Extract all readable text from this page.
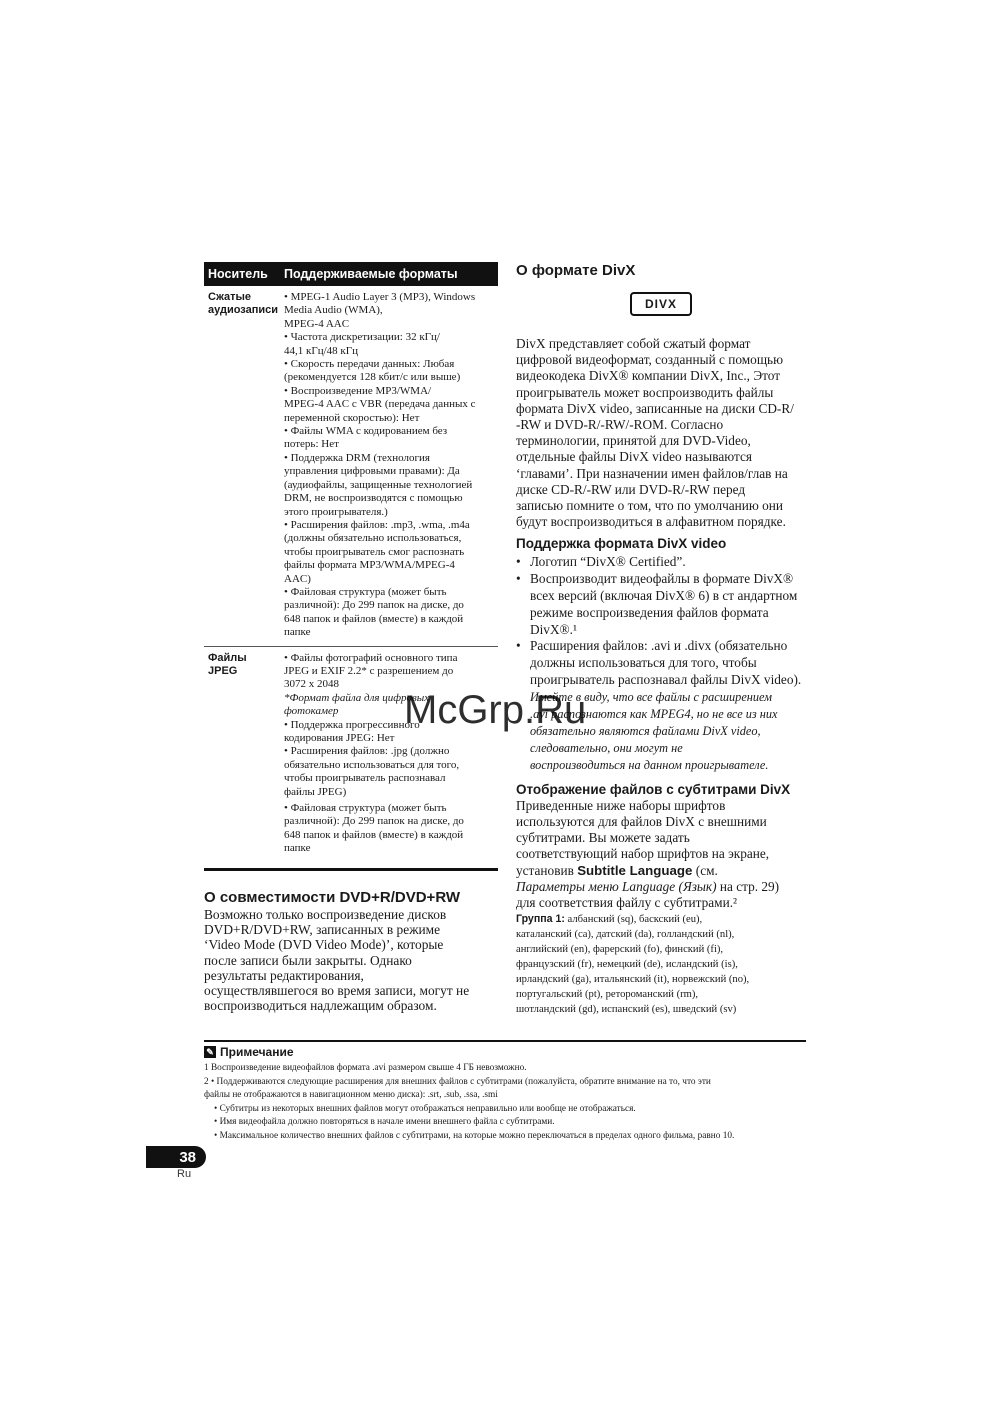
Носитель	Поддерживаемые форматы
Сжатые
аудиозаписи
• MPEG-1 Audio Layer 3 (MP3), Windows
Media Audio (WMA),
MPEG-4 AAC
• Частота дискретизации: 32 кГц/
44,1 кГц/48 кГц
• Скорость передачи данных: Любая
(рекомендуется 128 кбит/с или выше)
• Воспроизведение MP3/WMA/
MPEG-4 AAC с VBR (передача данных с
переменной скоростью): Нет
• Файлы WMA с кодированием без
потерь: Нет
• Поддержка DRM (технология
управления цифровыми правами): Да
(аудиофайлы, защищенные технологией
DRM, не воспроизводятся с помощью
этого проигрывателя.)
• Расширения файлов: .mp3, .wma, .m4a
(должны обязательно использоваться,
чтобы проигрыватель смог распознать
файлы формата MP3/WMA/MPEG-4
AAC)
• Файловая структура (может быть
различной): До 299 папок на диске, до
648 папок и файлов (вместе) в каждой
папке
Файлы
JPEG
• Файлы фотографий основного типа
JPEG и EXIF 2.2* с разрешением до
3072 x 2048
*Формат файла для цифровых
фотокамер
• Поддержка прогрессивного
кодирования JPEG: Нет
• Расширения файлов: .jpg (должно
обязательно использоваться для того,
чтобы проигрыватель распознавал
файлы JPEG)
• Файловая структура (может быть
различной): До 299 папок на диске, до
648 папок и файлов (вместе) в каждой
папке
О совместимости DVD+R/DVD+RW
Возможно только воспроизведение дисков
DVD+R/DVD+RW, записанных в режиме
‘Video Mode (DVD Video Mode)’, которые
после записи были закрыты. Однако
результаты редактирования,
осуществлявшегося во время записи, могут не
воспроизводиться надлежащим образом.
О формате DivX
DIVX
DivX представляет собой сжатый формат
цифровой видеоформат, созданный с помощью
видеокодека DivX® компании DivX, Inc., Этот
проигрыватель может воспроизводить файлы
формата DivX video, записанные на диски CD-R/
-RW и DVD-R/-RW/-ROM. Согласно
терминологии, принятой для DVD-Video,
отдельные файлы DivX video называются
‘главами’. При назначении имен файлов/глав на
диске CD-R/-RW или DVD-R/-RW перед
записью помните о том, что по умолчанию они
будут воспроизводиться в алфавитном порядке.
Поддержка формата DivX video
• Логотип “DivX® Certified”.
• Воспроизводит видеофайлы в формате DivX®
всех версий (включая DivX® 6) в ст андартном
режиме воспроизведения файлов формата
DivX®.¹
• Расширения файлов: .avi и .divx (обязательно
должны использоваться для того, чтобы
проигрыватель распознавал файлы DivX video).
Имейте в виду, что все файлы с расширением
.avi распознаются как MPEG4, но не все из них
обязательно являются файлами DivX video,
следовательно, они могут не
воспроизводиться на данном проигрывателе.
Отображение файлов с субтитрами DivX
Приведенные ниже наборы шрифтов
используются для файлов DivX с внешними
субтитрами. Вы можете задать
соответствующий набор шрифтов на экране,
установив Subtitle Language (см.
Параметры меню Language (Язык) на стр. 29)
для соответствия файлу с субтитрами.²
Группа 1: албанский (sq), баскский (eu),
каталанский (ca), датский (da), голландский (nl),
английский (en), фарерский (fo), финский (fi),
французский (fr), немецкий (de), исландский (is),
ирландский (ga), итальянский (it), норвежский (no),
португальский (pt), ретороманский (rm),
шотландский (gd), испанский (es), шведский (sv)
✎ Примечание
1 Воспроизведение видеофайлов формата .avi размером свыше 4 ГБ невозможно.
2 • Поддерживаются следующие расширения для внешних файлов с субтитрами (пожалуйста, обратите внимание на то, что эти
файлы не отображаются в навигационном меню диска): .srt, .sub, .ssa, .smi
• Субтитры из некоторых внешних файлов могут отображаться неправильно или вообще не отображаться.
• Имя видеофайла должно повторяться в начале имени внешнего файла с субтитрами.
• Максимальное количество внешних файлов с субтитрами, на которые можно переключаться в пределах одного фильма, равно 10.
38
Ru
McGrp.Ru
